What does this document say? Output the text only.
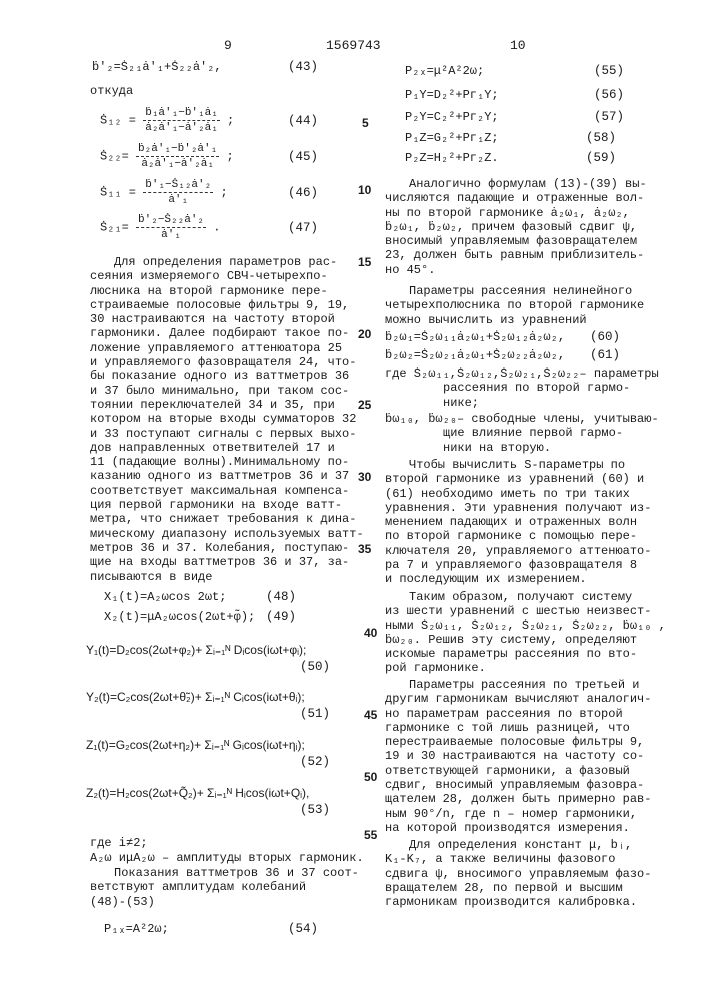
9	1569743	10
5
10
15
20
25
30
35
40
45
50
55
ḃ′₂=Ṡ₂₁ȧ′₁+Ṡ₂₂ȧ′₂,	(43)
откуда
Ṡ₁₂ =
ḃ₁ȧ′₁−ḃ′₁ȧ₁
ȧ₂ȧ′₁−ȧ′₂ȧ₁
;	(44)
Ṡ₂₂=
ḃ₂ȧ′₁−ḃ′₂ȧ′₁
ȧ₂ȧ′₁−ȧ′₂ȧ₁
;	(45)
Ṡ₁₁ =
ḃ′₁−Ṡ₁₂ȧ′₂
ȧ′₁
;	(46)
Ṡ₂₁=
ḃ′₂−Ṡ₂₂ȧ′₂
ȧ′₁
.	(47)
Для определения параметров рас-
сеяния измеряемого СВЧ-четырехпо-
люсника на второй гармонике пере-
страиваемые полосовые фильтры 9, 19,
30 настраиваются на частоту второй
гармоники. Далее подбирают такое по-
ложение управляемого аттенюатора 25
и управляемого фазовращателя 24, что-
бы показание одного из ваттметров 36
и 37 было минимально, при таком сос-
тоянии переключателей 34 и 35, при
котором на вторые входы сумматоров 32
и 33 поступают сигналы с первых выхо-
дов направленных ответвителей 17 и
11 (падающие волны).Минимальному по-
казанию одного из ваттметров 36 и 37
соответствует максимальная компенса-
ция первой гармоники на входе ватт-
метра, что снижает требования к дина-
мическому диапазону используемых ватт-
метров 36 и 37. Колебания, поступаю-
щие на входы ваттметров 36 и 37, за-
писываются в виде
X₁(t)=A₂ωcos 2ωt;	(48)
X₂(t)=μA₂ωcos(2ωt+φ̃); (49)
Y₁(t)=D₂cos(2ωt+φ₂)+ Σᵢ₌₁ᴺ Dᵢcos(iωt+φᵢ);
(50)
Y₂(t)=C₂cos(2ωt+θ̃₂)+ Σᵢ₌₁ᴺ Cᵢcos(iωt+θᵢ);
(51)
Z₁(t)=G₂cos(2ωt+η₂)+ Σᵢ₌₁ᴺ Gᵢcos(iωt+ηᵢ);
(52)
Z₂(t)=H₂cos(2ωt+Q̃₂)+ Σᵢ₌₁ᴺ Hᵢcos(iωt+Qᵢ),
(53)
где i≠2;
A₂ω иμA₂ω – амплитуды вторых гармоник.
Показания ваттметров 36 и 37 соот-
ветствуют амплитудам колебаний
(48)-(53)
P₁ₓ=A²2ω;	(54)
P₂ₓ=μ²A²2ω;	(55)
P₁Y=D₂²+Pг₁Y;	(56)
P₂Y=C₂²+Pг₂Y;	(57)
P₁Z=G₂²+Pг₁Z;	(58)
P₂Z=H₂²+Pг₂Z.	(59)
Аналогично формулам (13)-(39) вы-
числяются падающие и отраженные вол-
ны по второй гармонике ȧ₂ω₁, ȧ₂ω₂,
ḃ₂ω₁, ḃ₂ω₂, причем фазовый сдвиг ψ,
вносимый управляемым фазовращателем
23, должен быть равным приблизитель-
но 45°.
Параметры рассеяния нелинейного
четырехполюсника по второй гармонике
можно вычислить из уравнений
ḃ₂ω₁=Ṡ₂ω₁₁ȧ₂ω₁+Ṡ₂ω₁₂ȧ₂ω₂, (60)
ḃ₂ω₂=Ṡ₂ω₂₁ȧ₂ω₁+Ṡ₂ω₂₂ȧ₂ω₂, (61)
где Ṡ₂ω₁₁,Ṡ₂ω₁₂,Ṡ₂ω₂₁,Ṡ₂ω₂₂– параметры
рассеяния по второй гармо-
нике;
ḃω₁₀, ḃω₂₀– свободные члены, учитываю-
щие влияние первой гармо-
ники на вторую.
Чтобы вычислить S-параметры по
второй гармонике из уравнений (60) и
(61) необходимо иметь по три таких
уравнения. Эти уравнения получают из-
менением падающих и отраженных волн
по второй гармонике с помощью пере-
ключателя 20, управляемого аттенюато-
ра 7 и управляемого фазовращателя 8
и последующим их измерением.
Таким образом, получают систему
из шести уравнений с шестью неизвест-
ными Ṡ₂ω₁₁, Ṡ₂ω₁₂, Ṡ₂ω₂₁, Ṡ₂ω₂₂, ḃω₁₀ ,
ḃω₂₀. Решив эту систему, определяют
искомые параметры рассеяния по вто-
рой гармонике.
Параметры рассеяния по третьей и
другим гармоникам вычисляют аналогич-
но параметрам рассеяния по второй
гармонике с той лишь разницей, что
перестраиваемые полосовые фильтры 9,
19 и 30 настраиваются на частоту со-
ответствующей гармоники, а фазовый
сдвиг, вносимый управляемым фазовра-
щателем 28, должен быть примерно рав-
ным 90°/n, где n – номер гармоники,
на которой производятся измерения.
Для определения констант μ, bᵢ,
K₁-K₇, а также величины фазового
сдвига ψ, вносимого управляемым фазо-
вращателем 28, по первой и высшим
гармоникам производится калибровка.
